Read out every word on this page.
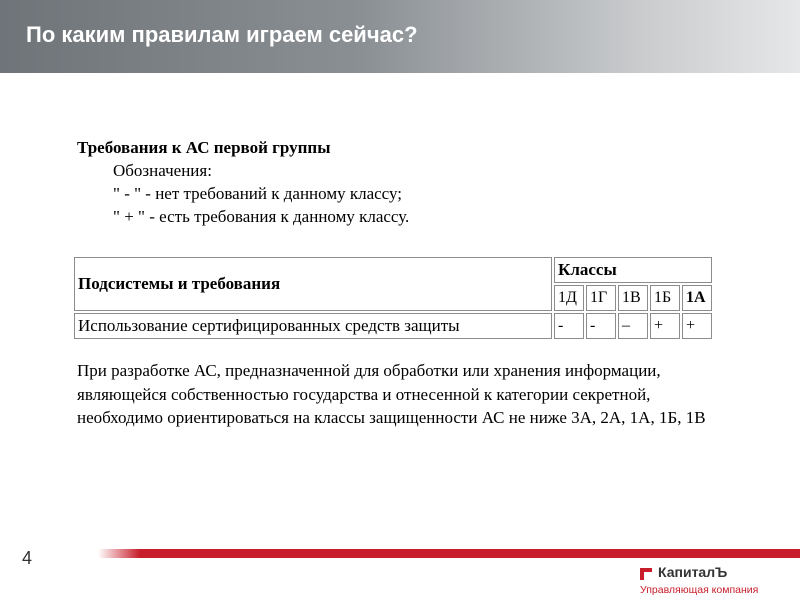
По каким правилам играем сейчас?
Требования к АС первой группы
Обозначения:
" - " - нет требований к данному классу;
" + " - есть требования к данному классу.
Подсистемы и требования	Классы				
	1Д	1Г	1В	1Б	1А
Использование сертифицированных средств защиты	-	-	–	+	+
При разработке АС, предназначенной для обработки или хранения информации, являющейся собственностью государства и отнесенной к категории секретной, необходимо ориентироваться на классы защищенности АС не ниже 3А, 2А, 1А, 1Б, 1В
4
КапиталЪ
Управляющая компания
